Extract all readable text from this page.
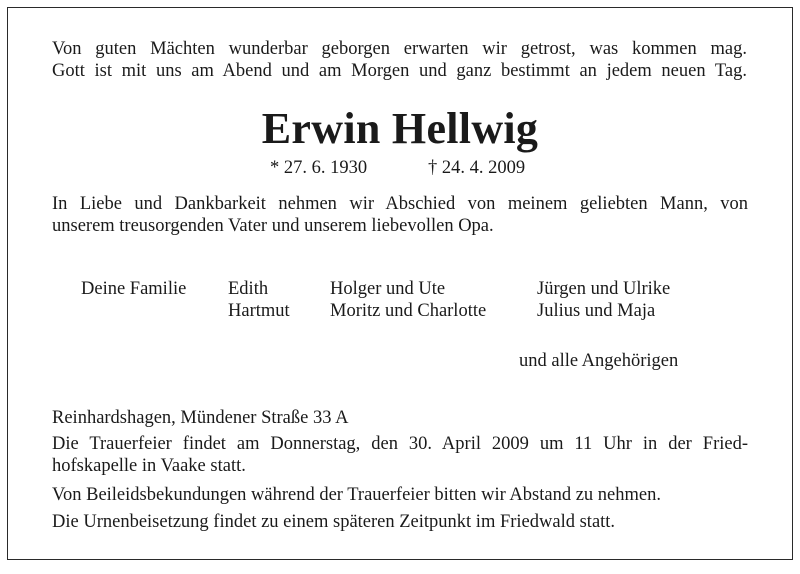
Von guten Mächten wunderbar geborgen erwarten wir getrost, was kommen mag.
Gott ist mit uns am Abend und am Morgen und ganz bestimmt an jedem neuen Tag.
Erwin Hellwig
* 27. 6. 1930	† 24. 4. 2009
In Liebe und Dankbarkeit nehmen wir Abschied von meinem geliebten Mann, von
unserem treusorgenden Vater und unserem liebevollen Opa.
Deine Familie Edith
Hartmut
Holger und Ute
Moritz und Charlotte
Jürgen und Ulrike
Julius und Maja
und alle Angehörigen
Reinhardshagen, Mündener Straße 33 A
Die Trauerfeier findet am Donnerstag, den 30. April 2009 um 11 Uhr in der Fried-
hofskapelle in Vaake statt.
Von Beileidsbekundungen während der Trauerfeier bitten wir Abstand zu nehmen.
Die Urnenbeisetzung findet zu einem späteren Zeitpunkt im Friedwald statt.
